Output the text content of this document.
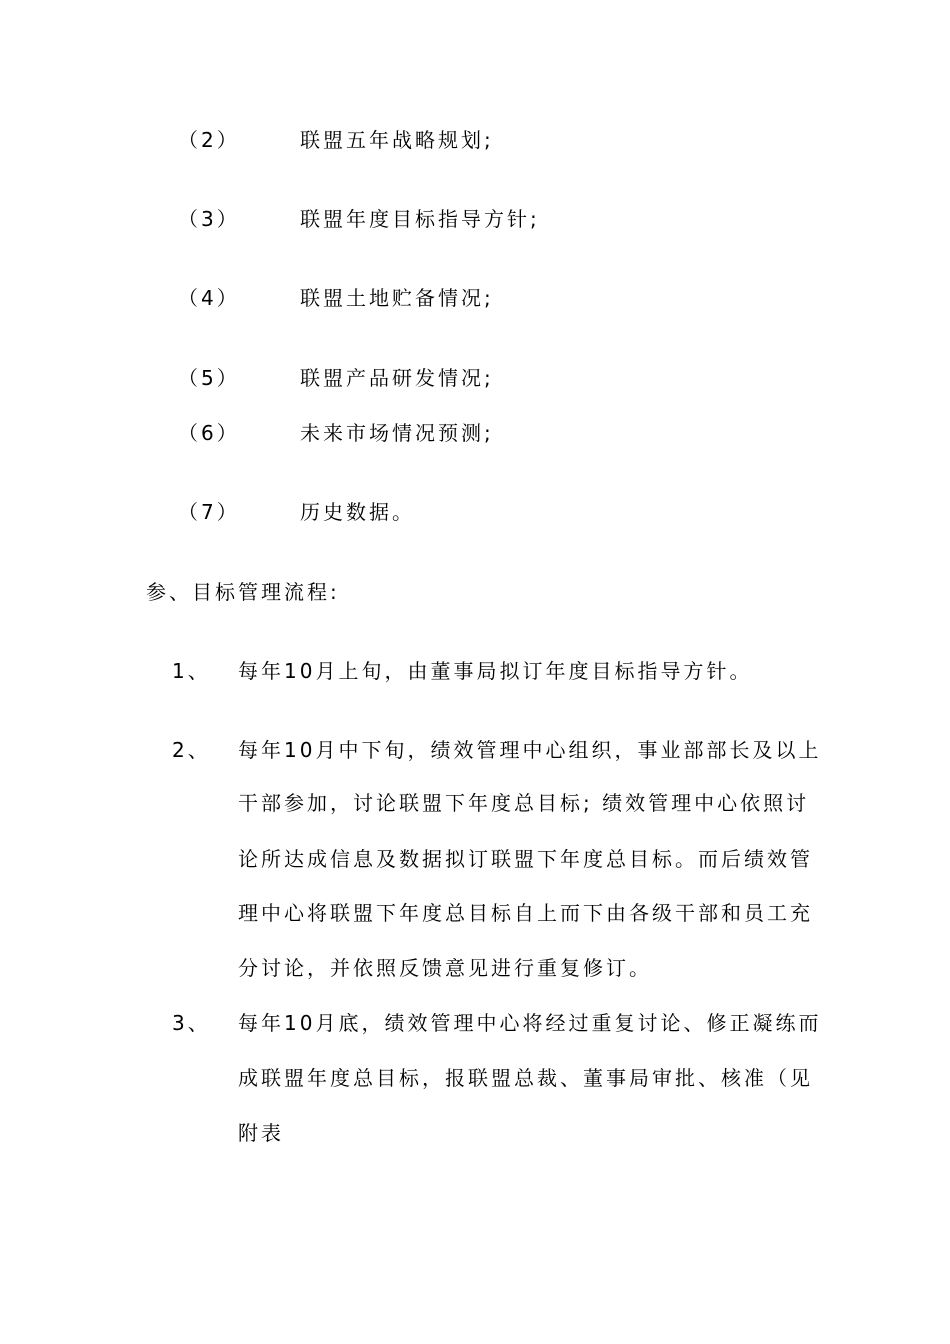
（2）	联盟五年战略规划;
（3）	联盟年度目标指导方针;
（4）	联盟土地贮备情况;
（5）	联盟产品研发情况;
（6）	未来市场情况预测;
（7）	历史数据。
参、目标管理流程:
1、 每年10月上旬，由董事局拟订年度目标指导方针。
2、 每年10月中下旬，绩效管理中心组织，事业部部长及以上
干部参加，讨论联盟下年度总目标; 绩效管理中心依照讨
论所达成信息及数据拟订联盟下年度总目标。而后绩效管
理中心将联盟下年度总目标自上而下由各级干部和员工充
分讨论，并依照反馈意见进行重复修订。
3、 每年10月底，绩效管理中心将经过重复讨论、修正凝练而
成联盟年度总目标，报联盟总裁、董事局审批、核准（见
附表
